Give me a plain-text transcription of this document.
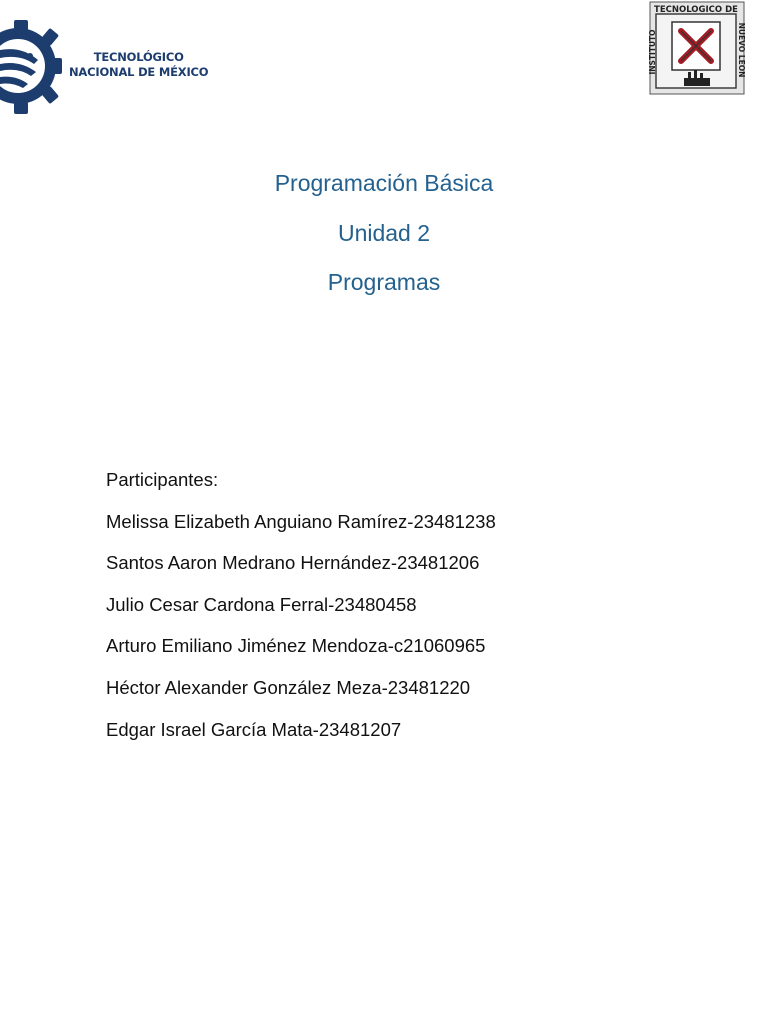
TECNOLÓGICO
NACIONAL DE MÉXICO
TECNOLOGICO DE
INSTITUTO	NUEVO LEON
Programación Básica
Unidad 2
Programas
Participantes:
Melissa Elizabeth Anguiano Ramírez-23481238
Santos Aaron Medrano Hernández-23481206
Julio Cesar Cardona Ferral-23480458
Arturo Emiliano Jiménez Mendoza-c21060965
Héctor Alexander González Meza-23481220
Edgar Israel García Mata-23481207
